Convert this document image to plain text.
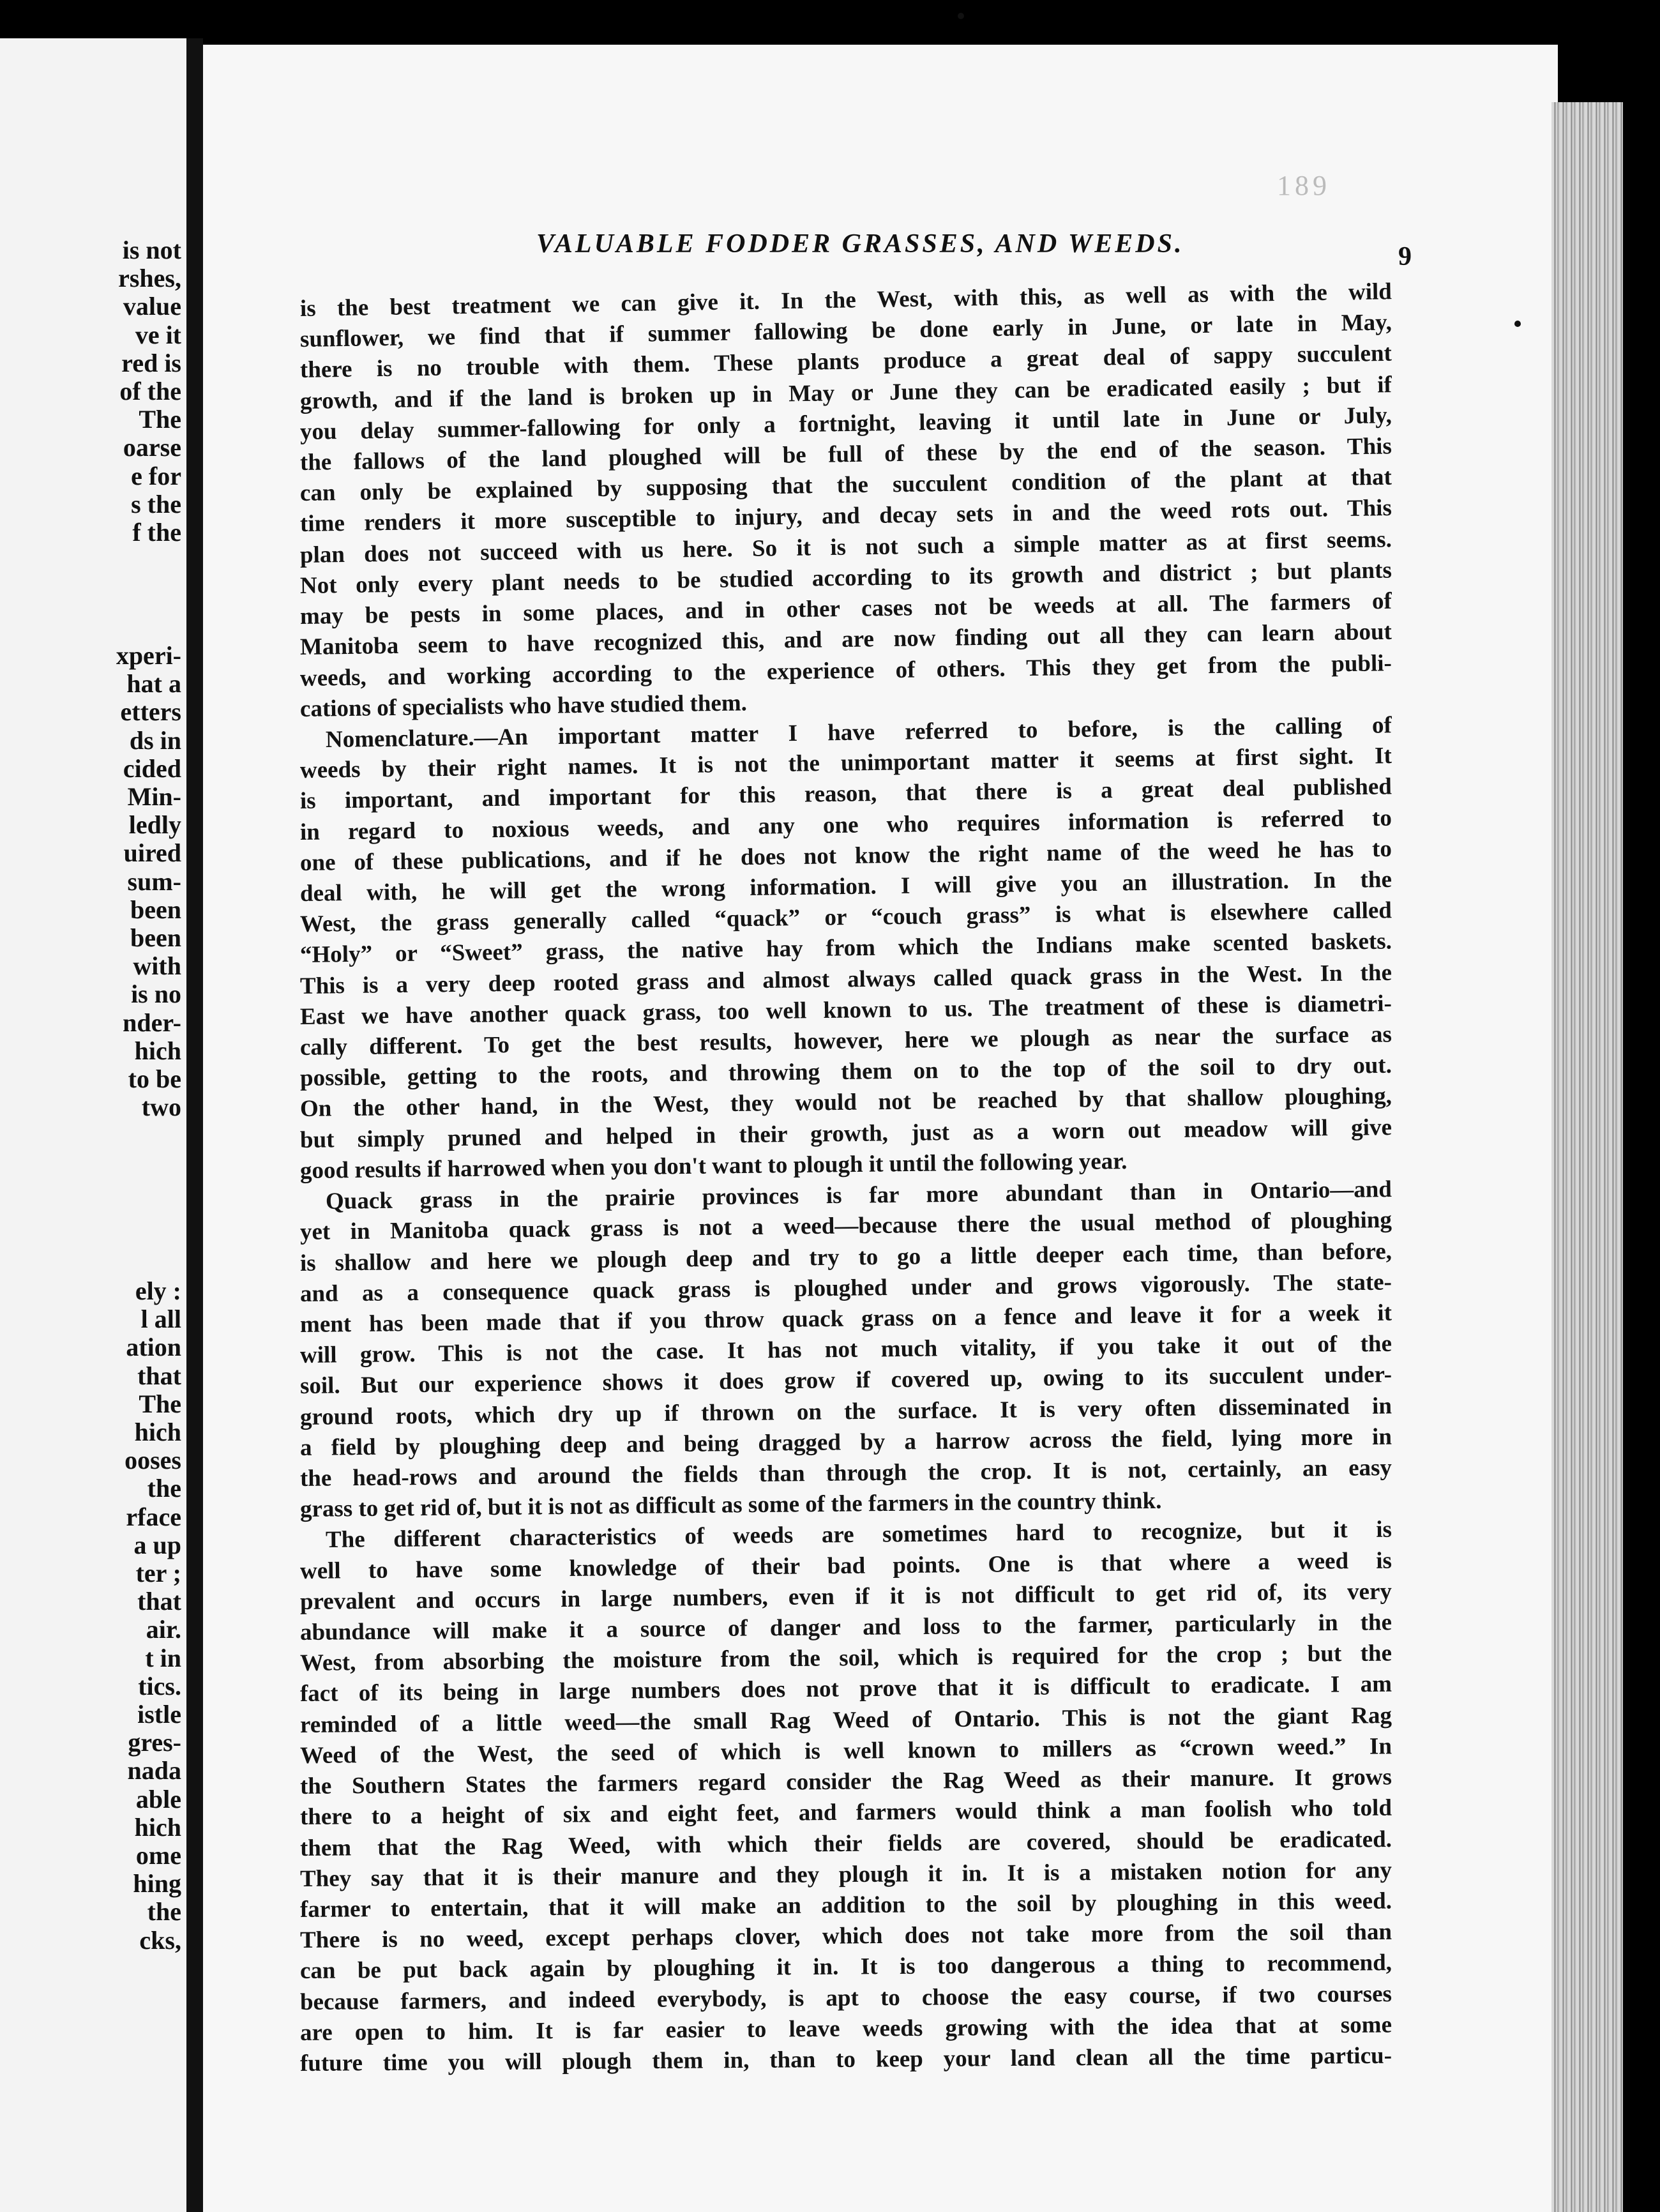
is not
rshes,
value
ve it
red is
of the
The
oarse
e for
s the
f the
xperi-
hat a
etters
ds in
cided
Min-
ledly
uired
sum-
been
been
with
is no
nder-
hich
to be
two
ely :
l all
ation
that
The
hich
ooses
the
rface
a up
ter ;
that
air.
t in
tics.
istle
gres-
nada
able
hich
ome
hing
the
cks,
189
VALUABLE FODDER GRASSES, AND WEEDS.	9
is the best treatment we can give it. In the West, with this, as well as with the wild
sunflower, we find that if summer fallowing be done early in June, or late in May,
there is no trouble with them. These plants produce a great deal of sappy succulent
growth, and if the land is broken up in May or June they can be eradicated easily ; but if
you delay summer-fallowing for only a fortnight, leaving it until late in June or July,
the fallows of the land ploughed will be full of these by the end of the season. This
can only be explained by supposing that the succulent condition of the plant at that
time renders it more susceptible to injury, and decay sets in and the weed rots out. This
plan does not succeed with us here. So it is not such a simple matter as at first seems.
Not only every plant needs to be studied according to its growth and district ; but plants
may be pests in some places, and in other cases not be weeds at all. The farmers of
Manitoba seem to have recognized this, and are now finding out all they can learn about
weeds, and working according to the experience of others. This they get from the publi-
cations of specialists who have studied them.
Nomenclature.—An important matter I have referred to before, is the calling of
weeds by their right names. It is not the unimportant matter it seems at first sight. It
is important, and important for this reason, that there is a great deal published
in regard to noxious weeds, and any one who requires information is referred to
one of these publications, and if he does not know the right name of the weed he has to
deal with, he will get the wrong information. I will give you an illustration. In the
West, the grass generally called “quack” or “couch grass” is what is elsewhere called
“Holy” or “Sweet” grass, the native hay from which the Indians make scented baskets.
This is a very deep rooted grass and almost always called quack grass in the West. In the
East we have another quack grass, too well known to us. The treatment of these is diametri-
cally different. To get the best results, however, here we plough as near the surface as
possible, getting to the roots, and throwing them on to the top of the soil to dry out.
On the other hand, in the West, they would not be reached by that shallow ploughing,
but simply pruned and helped in their growth, just as a worn out meadow will give
good results if harrowed when you don't want to plough it until the following year.
Quack grass in the prairie provinces is far more abundant than in Ontario—and
yet in Manitoba quack grass is not a weed—because there the usual method of ploughing
is shallow and here we plough deep and try to go a little deeper each time, than before,
and as a consequence quack grass is ploughed under and grows vigorously. The state-
ment has been made that if you throw quack grass on a fence and leave it for a week it
will grow. This is not the case. It has not much vitality, if you take it out of the
soil. But our experience shows it does grow if covered up, owing to its succulent under-
ground roots, which dry up if thrown on the surface. It is very often disseminated in
a field by ploughing deep and being dragged by a harrow across the field, lying more in
the head-rows and around the fields than through the crop. It is not, certainly, an easy
grass to get rid of, but it is not as difficult as some of the farmers in the country think.
The different characteristics of weeds are sometimes hard to recognize, but it is
well to have some knowledge of their bad points. One is that where a weed is
prevalent and occurs in large numbers, even if it is not difficult to get rid of, its very
abundance will make it a source of danger and loss to the farmer, particularly in the
West, from absorbing the moisture from the soil, which is required for the crop ; but the
fact of its being in large numbers does not prove that it is difficult to eradicate. I am
reminded of a little weed—the small Rag Weed of Ontario. This is not the giant Rag
Weed of the West, the seed of which is well known to millers as “crown weed.” In
the Southern States the farmers regard consider the Rag Weed as their manure. It grows
there to a height of six and eight feet, and farmers would think a man foolish who told
them that the Rag Weed, with which their fields are covered, should be eradicated.
They say that it is their manure and they plough it in. It is a mistaken notion for any
farmer to entertain, that it will make an addition to the soil by ploughing in this weed.
There is no weed, except perhaps clover, which does not take more from the soil than
can be put back again by ploughing it in. It is too dangerous a thing to recommend,
because farmers, and indeed everybody, is apt to choose the easy course, if two courses
are open to him. It is far easier to leave weeds growing with the idea that at some
future time you will plough them in, than to keep your land clean all the time particu-
